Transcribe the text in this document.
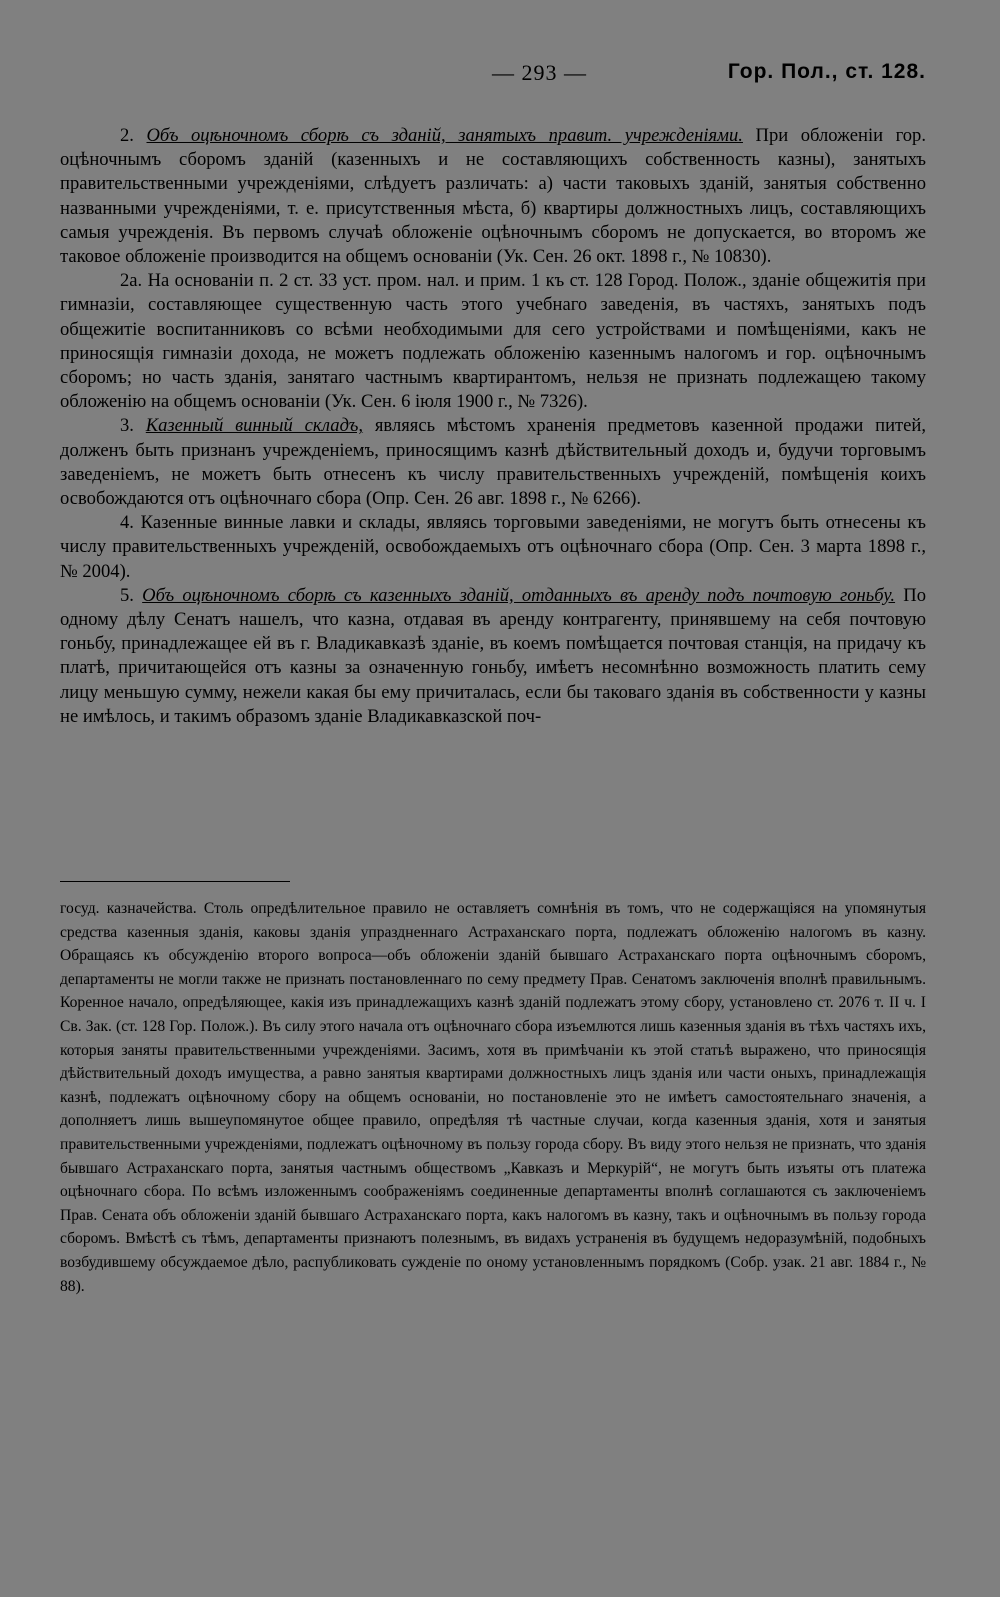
— 293 —	Гор. Пол., ст. 128.

2. Объ оцѣночномъ сборѣ съ зданій, занятыхъ правит. учрежденіями. При обложеніи гор. оцѣночнымъ сборомъ зданій (казенныхъ и не составляющихъ собственность казны), занятыхъ правительственными учрежденіями, слѣдуетъ различать: а) части таковыхъ зданій, занятыя собственно названными учрежденіями, т. е. присутственныя мѣста, б) квартиры должностныхъ лицъ, составляющихъ самыя учрежденія. Въ первомъ случаѣ обложеніе оцѣночнымъ сборомъ не допускается, во второмъ же таковое обложеніе производится на общемъ основаніи (Ук. Сен. 26 окт. 1898 г., № 10830).

2а. На основаніи п. 2 ст. 33 уст. пром. нал. и прим. 1 къ ст. 128 Город. Полож., зданіе общежитія при гимназіи, составляющее существенную часть этого учебнаго заведенія, въ частяхъ, занятыхъ подъ общежитіе воспитанниковъ со всѣми необходимыми для сего устройствами и помѣщеніями, какъ не приносящія гимназіи дохода, не можетъ подлежать обложенію казеннымъ налогомъ и гор. оцѣночнымъ сборомъ; но часть зданія, занятаго частнымъ квартирантомъ, нельзя не признать подлежащею такому обложенію на общемъ основаніи (Ук. Сен. 6 іюля 1900 г., № 7326).

3. Казенный винный складъ, являясь мѣстомъ храненія предметовъ казенной продажи питей, долженъ быть признанъ учрежденіемъ, приносящимъ казнѣ дѣйствительный доходъ и, будучи торговымъ заведеніемъ, не можетъ быть отнесенъ къ числу правительственныхъ учрежденій, помѣщенія коихъ освобождаются отъ оцѣночнаго сбора (Опр. Сен. 26 авг. 1898 г., № 6266).

4. Казенные винные лавки и склады, являясь торговыми заведеніями, не могутъ быть отнесены къ числу правительственныхъ учрежденій, освобождаемыхъ отъ оцѣночнаго сбора (Опр. Сен. 3 марта 1898 г., № 2004).

5. Объ оцѣночномъ сборѣ съ казенныхъ зданій, отданныхъ въ аренду подъ почтовую гоньбу. По одному дѣлу Сенатъ нашелъ, что казна, отдавая въ аренду контрагенту, принявшему на себя почтовую гоньбу, принадлежащее ей въ г. Владикавказѣ зданіе, въ коемъ помѣщается почтовая станція, на придачу къ платѣ, причитающейся отъ казны за означенную гоньбу, имѣетъ несомнѣнно возможность платить сему лицу меньшую сумму, нежели какая бы ему причиталась, если бы таковаго зданія въ собственности у казны не имѣлось, и такимъ образомъ зданіе Владикавказской поч-

госуд. казначейства. Столь опредѣлительное правило не оставляетъ сомнѣнія въ томъ, что не содержащіяся на упомянутыя средства казенныя зданія, каковы зданія упраздненнаго Астраханскаго порта, подлежатъ обложенію налогомъ въ казну. Обращаясь къ обсужденію второго вопроса—объ обложеніи зданій бывшаго Астраханскаго порта оцѣночнымъ сборомъ, департаменты не могли также не признать постановленнаго по сему предмету Прав. Сенатомъ заключенія вполнѣ правильнымъ. Коренное начало, опредѣляющее, какія изъ принадлежащихъ казнѣ зданій подлежатъ этому сбору, установлено ст. 2076 т. II ч. I Св. Зак. (ст. 128 Гор. Полож.). Въ силу этого начала отъ оцѣночнаго сбора изъемлются лишь казенныя зданія въ тѣхъ частяхъ ихъ, которыя заняты правительственными учрежденіями. Засимъ, хотя въ примѣчаніи къ этой статьѣ выражено, что приносящія дѣйствительный доходъ имущества, а равно занятыя квартирами должностныхъ лицъ зданія или части оныхъ, принадлежащія казнѣ, подлежатъ оцѣночному сбору на общемъ основаніи, но постановленіе это не имѣетъ самостоятельнаго значенія, а дополняетъ лишь вышеупомянутое общее правило, опредѣляя тѣ частные случаи, когда казенныя зданія, хотя и занятыя правительственными учрежденіями, подлежатъ оцѣночному въ пользу города сбору. Въ виду этого нельзя не признать, что зданія бывшаго Астраханскаго порта, занятыя частнымъ обществомъ „Кавказъ и Меркурій“, не могутъ быть изъяты отъ платежа оцѣночнаго сбора. По всѣмъ изложеннымъ соображеніямъ соединенные департаменты вполнѣ соглашаются съ заключеніемъ Прав. Сената объ обложеніи зданій бывшаго Астраханскаго порта, какъ налогомъ въ казну, такъ и оцѣночнымъ въ пользу города сборомъ. Вмѣстѣ съ тѣмъ, департаменты признаютъ полезнымъ, въ видахъ устраненія въ будущемъ недоразумѣній, подобныхъ возбудившему обсуждаемое дѣло, распубликовать сужденіе по оному установленнымъ порядкомъ (Собр. узак. 21 авг. 1884 г., № 88).
